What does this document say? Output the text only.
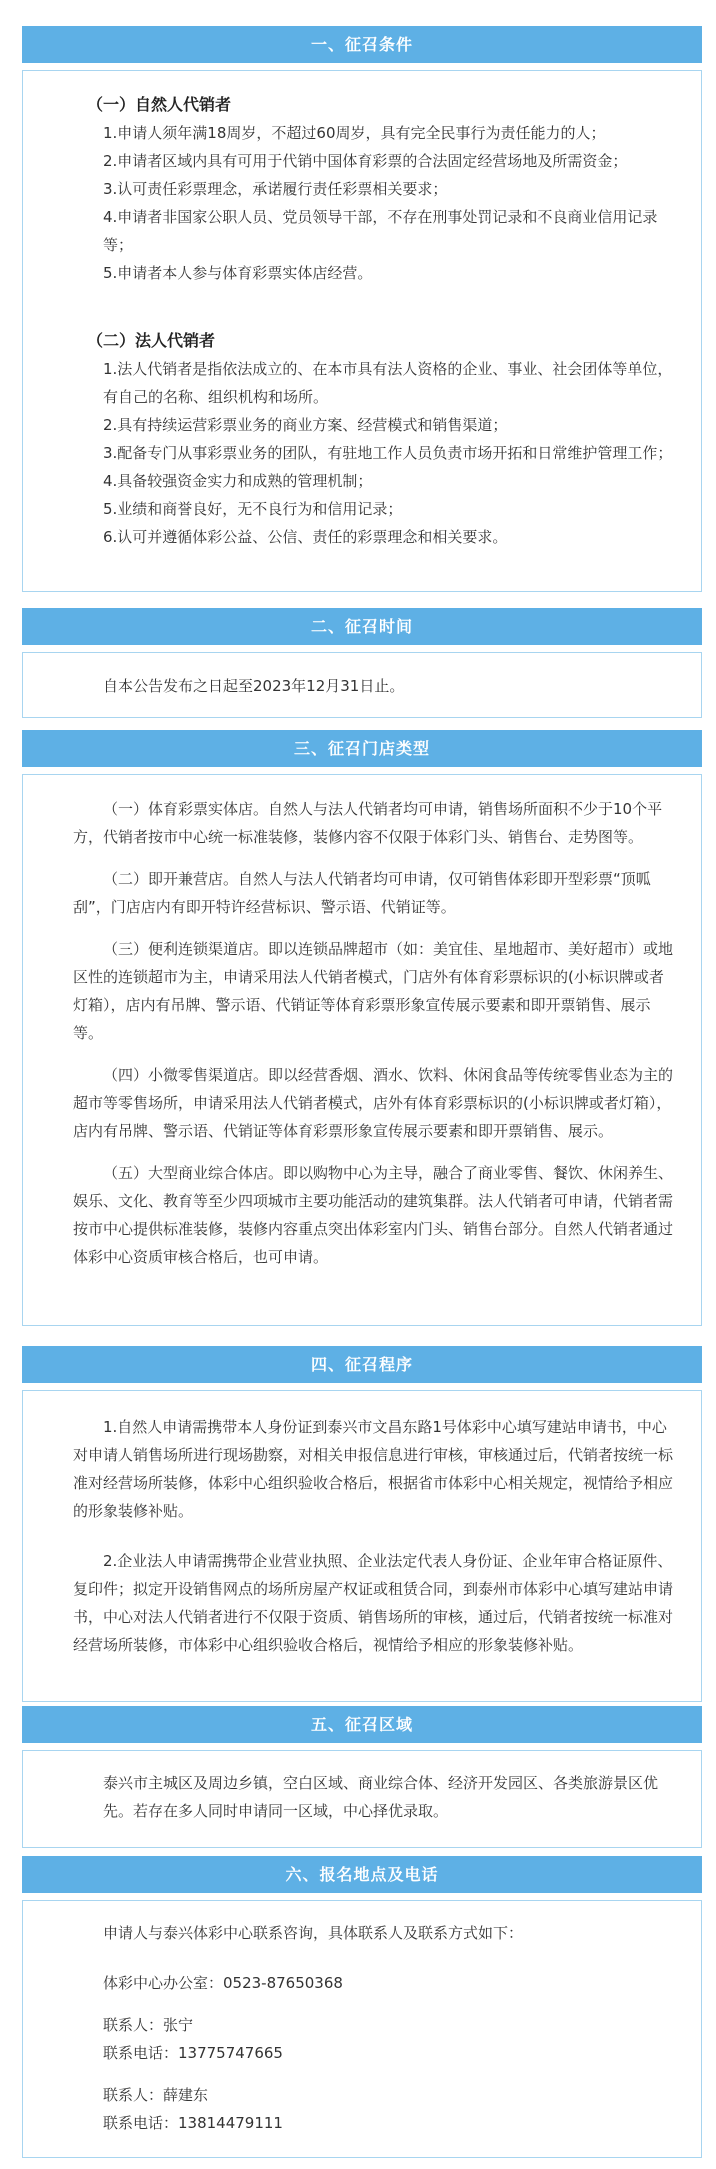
一、征召条件
（一）自然人代销者
1.申请人须年满18周岁，不超过60周岁，具有完全民事行为责任能力的人；
2.申请者区域内具有可用于代销中国体育彩票的合法固定经营场地及所需资金；
3.认可责任彩票理念，承诺履行责任彩票相关要求；
4.申请者非国家公职人员、党员领导干部，不存在刑事处罚记录和不良商业信用记录等；
5.申请者本人参与体育彩票实体店经营。
（二）法人代销者
1.法人代销者是指依法成立的、在本市具有法人资格的企业、事业、社会团体等单位，有自己的名称、组织机构和场所。
2.具有持续运营彩票业务的商业方案、经营模式和销售渠道；
3.配备专门从事彩票业务的团队，有驻地工作人员负责市场开拓和日常维护管理工作；
4.具备较强资金实力和成熟的管理机制；
5.业绩和商誉良好，无不良行为和信用记录；
6.认可并遵循体彩公益、公信、责任的彩票理念和相关要求。
二、征召时间
自本公告发布之日起至2023年12月31日止。
三、征召门店类型
（一）体育彩票实体店。自然人与法人代销者均可申请，销售场所面积不少于10个平方，代销者按市中心统一标准装修，装修内容不仅限于体彩门头、销售台、走势图等。
（二）即开兼营店。自然人与法人代销者均可申请，仅可销售体彩即开型彩票“顶呱刮”，门店店内有即开特许经营标识、警示语、代销证等。
（三）便利连锁渠道店。即以连锁品牌超市（如：美宜佳、星地超市、美好超市）或地区性的连锁超市为主，申请采用法人代销者模式，门店外有体育彩票标识的(小标识牌或者灯箱），店内有吊牌、警示语、代销证等体育彩票形象宣传展示要素和即开票销售、展示等。
（四）小微零售渠道店。即以经营香烟、酒水、饮料、休闲食品等传统零售业态为主的超市等零售场所，申请采用法人代销者模式，店外有体育彩票标识的(小标识牌或者灯箱），店内有吊牌、警示语、代销证等体育彩票形象宣传展示要素和即开票销售、展示。
（五）大型商业综合体店。即以购物中心为主导，融合了商业零售、餐饮、休闲养生、娱乐、文化、教育等至少四项城市主要功能活动的建筑集群。法人代销者可申请，代销者需按市中心提供标准装修，装修内容重点突出体彩室内门头、销售台部分。自然人代销者通过体彩中心资质审核合格后，也可申请。
四、征召程序
1.自然人申请需携带本人身份证到泰兴市文昌东路1号体彩中心填写建站申请书，中心对申请人销售场所进行现场勘察，对相关申报信息进行审核，审核通过后，代销者按统一标准对经营场所装修，体彩中心组织验收合格后，根据省市体彩中心相关规定，视情给予相应的形象装修补贴。
2.企业法人申请需携带企业营业执照、企业法定代表人身份证、企业年审合格证原件、复印件；拟定开设销售网点的场所房屋产权证或租赁合同，到泰州市体彩中心填写建站申请书，中心对法人代销者进行不仅限于资质、销售场所的审核，通过后，代销者按统一标准对经营场所装修，市体彩中心组织验收合格后，视情给予相应的形象装修补贴。
五、征召区域
泰兴市主城区及周边乡镇，空白区域、商业综合体、经济开发园区、各类旅游景区优先。若存在多人同时申请同一区域，中心择优录取。
六、报名地点及电话
申请人与泰兴体彩中心联系咨询，具体联系人及联系方式如下：
体彩中心办公室：0523-87650368
联系人：张宁
联系电话：13775747665
联系人：薛建东
联系电话：13814479111
